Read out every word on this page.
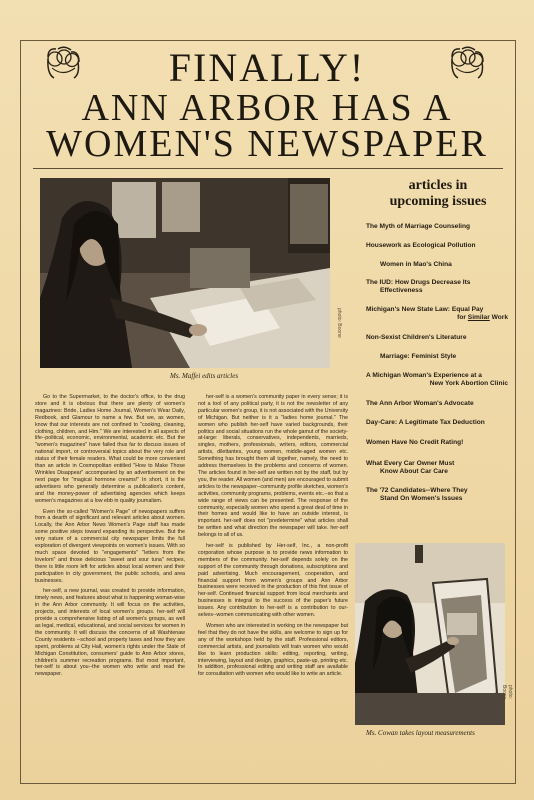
FINALLY!
ANN ARBOR HAS A
WOMEN'S NEWSPAPER
photo: Boone
Ms. Maffei edits articles
articles in
upcoming issues
The Myth of Marriage Counseling
Housework as Ecological Pollution
Women in Mao's China
The IUD: How Drugs Decrease Its
Effectiveness
Michigan's New State Law: Equal Pay
for Similar Work
Non-Sexist Children's Literature
Marriage: Feminist Style
A Michigan Woman's Experience at a
New York Abortion Clinic
The Ann Arbor Woman's Advocate
Day-Care: A Legitimate Tax Deduction
Women Have No Credit Rating!
What Every Car Owner Must
Know About Car Care
The '72 Candidates--Where They
Stand On Women's Issues

Go to the Supermarket, to the doctor's office, to the drug store and it is obvious that there are plenty of women's magazines: Bride, Ladies Home Journal, Women's Wear Daily, Redbook, and Glamour to name a few. But we, as women, know that our interests are not confined to "cooking, cleaning, clothing, children, and Him." We are interested in all aspects of life--political, economic, environmental, academic etc. But the "women's magazines" have failed thus far to discuss issues of national import, or controversial topics about the very role and status of their female readers. What could be more convenient than an article in Cosmopolitan entitled "How to Make Those Wrinkles Disappear" accompanied by an advertisement on the next page for "magical hormone creams!" In short, it is the advertisers who generally determine a publication's content, and the money-power of advertising agencies which keeps women's magazines at a low ebb in quality journalism.

Even the so-called "Women's Page" of newspapers suffers from a dearth of significant and relevant articles about women. Locally, the Ann Arbor News Women's Page staff has made some positive steps toward expanding its perspective. But the very nature of a commercial city newspaper limits the full exploration of divergent viewpoints on women's issues. With so much space devoted to "engagements" "letters from the lovelorn" and those delicious "sweet and sour tuna" recipes, there is little room left for articles about local women and their participation in city government, the public schools, and area businesses.

her-self, a new journal, was created to provide information, timely news, and features about what is happening woman-wise in the Ann Arbor community. It will focus on the activities, projects, and interests of local women's groups. her-self will provide a comprehensive listing of all women's groups, as well as legal, medical, educational, and social services for women in the community. It will discuss the concerns of all Washtenaw County residents --school and property taxes and how they are spent, problems at City Hall, women's rights under the State of Michigan Constitution, consumers' guide to Ann Arbor stores, children's summer recreation programs. But most important, her-self is about you--the women who write and read the newspaper.

her-self is a women's community paper in every sense; it is not a tool of any political party, it is not the newsletter of any particular women's group, it is not associated with the University of Michigan. But neither is it a "ladies home journal." The women who publish her-self have varied backgrounds, their politics and social situations run the whole gamut of the society-at-large: liberals, conservatives, independents, marrieds, singles, mothers, professionals, writers, editors, commercial artists, dilettantes, young women, middle-aged women etc. Something has brought them all together, namely, the need to address themselves to the problems and concerns of women. The articles found in her-self are written not by the staff, but by you, the reader. All women (and men) are encouraged to submit articles to the newspaper--community profile sketches, women's activities, community programs, problems, events etc.--so that a wide range of views can be presented. The response of the community, especially women who spend a great deal of time in their homes and would like to have an outside interest, is important. her-self does not "predetermine" what articles shall be written and what direction the newspaper will take. her-self belongs to all of us.

her-self is published by Her-self, Inc., a non-profit corporation whose purpose is to provide news information to members of the community. her-self depends solely on the support of the community through donations, subscriptions and paid advertising. Much encouragement, cooperation, and financial support from women's groups and Ann Arbor businesses were received in the production of this first issue of her-self. Continued financial support from local merchants and businesses is integral to the success of the paper's future issues. Any contribution to her-self is a contribution to our-selves--women communicating with other women.

Women who are interested in working on the newspaper but feel that they do not have the skills, are welcome to sign up for any of the workshops held by the staff. Professional editors, commercial artists, and journalists will train women who would like to learn production skills: editing, reporting, writing, interviewing, layout and design, graphics, paste-up, printing etc. In addition, professional editing and writing staff are available for consultation with women who would like to write an article.

photo: Boone
Ms. Cowan takes layout measurements
